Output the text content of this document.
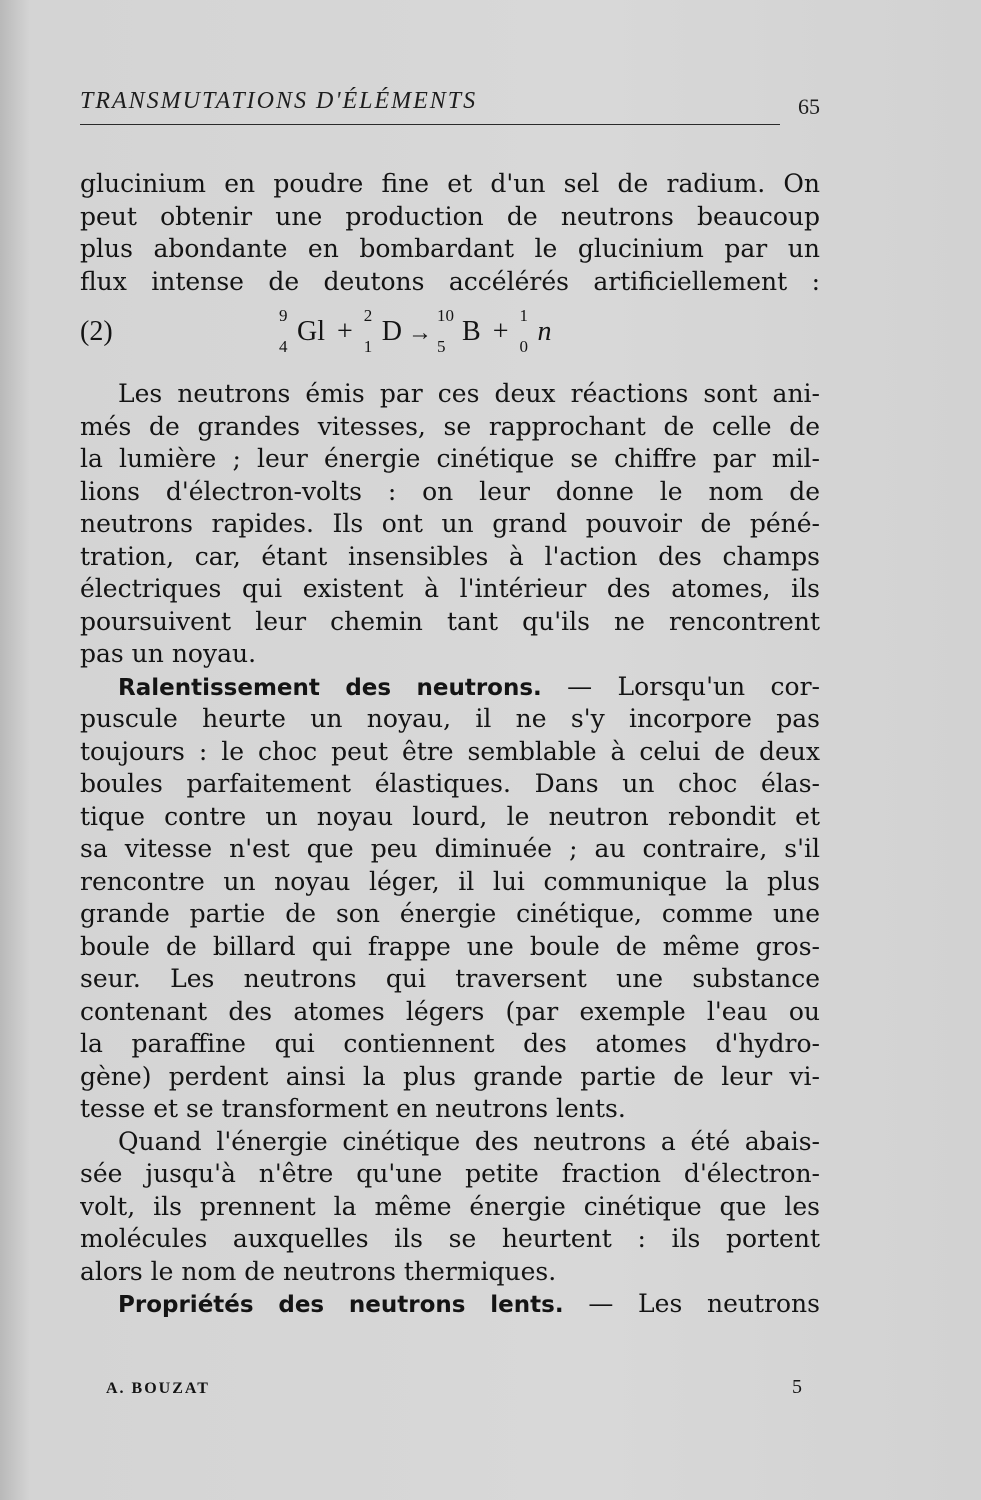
TRANSMUTATIONS D'ÉLÉMENTS	65
glucinium en poudre fine et d'un sel de radium. On
peut obtenir une production de neutrons beaucoup
plus abondante en bombardant le glucinium par un
flux intense de deutons accélérés artificiellement :
(2)
9
4 Gl +
2
1 D →
10
5 B +
1
0 n
Les neutrons émis par ces deux réactions sont ani-
més de grandes vitesses, se rapprochant de celle de
la lumière ; leur énergie cinétique se chiffre par mil-
lions d'électron-volts : on leur donne le nom de
neutrons rapides. Ils ont un grand pouvoir de péné-
tration, car, étant insensibles à l'action des champs
électriques qui existent à l'intérieur des atomes, ils
poursuivent leur chemin tant qu'ils ne rencontrent
pas un noyau.
Ralentissement des neutrons. — Lorsqu'un cor-
puscule heurte un noyau, il ne s'y incorpore pas
toujours : le choc peut être semblable à celui de deux
boules parfaitement élastiques. Dans un choc élas-
tique contre un noyau lourd, le neutron rebondit et
sa vitesse n'est que peu diminuée ; au contraire, s'il
rencontre un noyau léger, il lui communique la plus
grande partie de son énergie cinétique, comme une
boule de billard qui frappe une boule de même gros-
seur. Les neutrons qui traversent une substance
contenant des atomes légers (par exemple l'eau ou
la paraffine qui contiennent des atomes d'hydro-
gène) perdent ainsi la plus grande partie de leur vi-
tesse et se transforment en neutrons lents.
Quand l'énergie cinétique des neutrons a été abais-
sée jusqu'à n'être qu'une petite fraction d'électron-
volt, ils prennent la même énergie cinétique que les
molécules auxquelles ils se heurtent : ils portent
alors le nom de neutrons thermiques.
Propriétés des neutrons lents. — Les neutrons
A. BOUZAT	5
